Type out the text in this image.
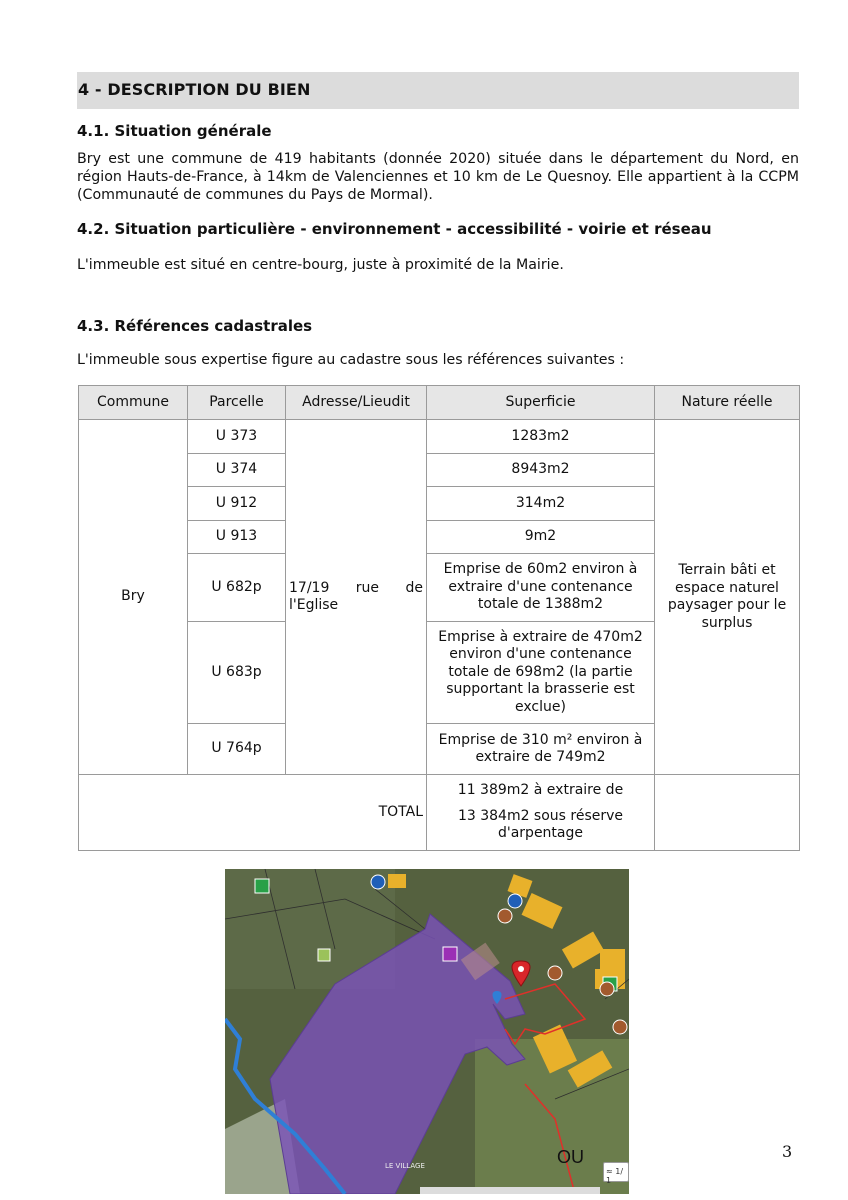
4 - DESCRIPTION DU BIEN
4.1. Situation générale
Bry est une commune de 419 habitants (donnée 2020) située dans le département du Nord, en région Hauts-de-France, à 14km de Valenciennes et 10 km de Le Quesnoy. Elle appartient à la CCPM (Communauté de communes du Pays de Mormal).
4.2. Situation particulière - environnement - accessibilité - voirie et réseau
L'immeuble est situé en centre-bourg, juste à proximité de la Mairie.
4.3. Références cadastrales
L'immeuble sous expertise figure au cadastre sous les références suivantes :
Commune	Parcelle	Adresse/Lieudit	Superficie	Nature réelle
Bry	U 373	17/19 rue de l'Eglise	1283m2	Terrain bâti et espace naturel paysager pour le surplus
	U 374		8943m2	
	U 912		314m2	
	U 913		9m2	
	U 682p		Emprise de 60m2 environ à extraire d'une contenance totale de 1388m2	
	U 683p		Emprise à extraire de 470m2 environ d'une contenance totale de 698m2 (la partie supportant la brasserie est exclue)	
	U 764p		Emprise de 310 m² environ à extraire de 749m2	
TOTAL			11 389m2 à extraire de
13 384m2 sous réserve d'arpentage	

LE VILLAGE	OU
≈ 1/ 1
3
